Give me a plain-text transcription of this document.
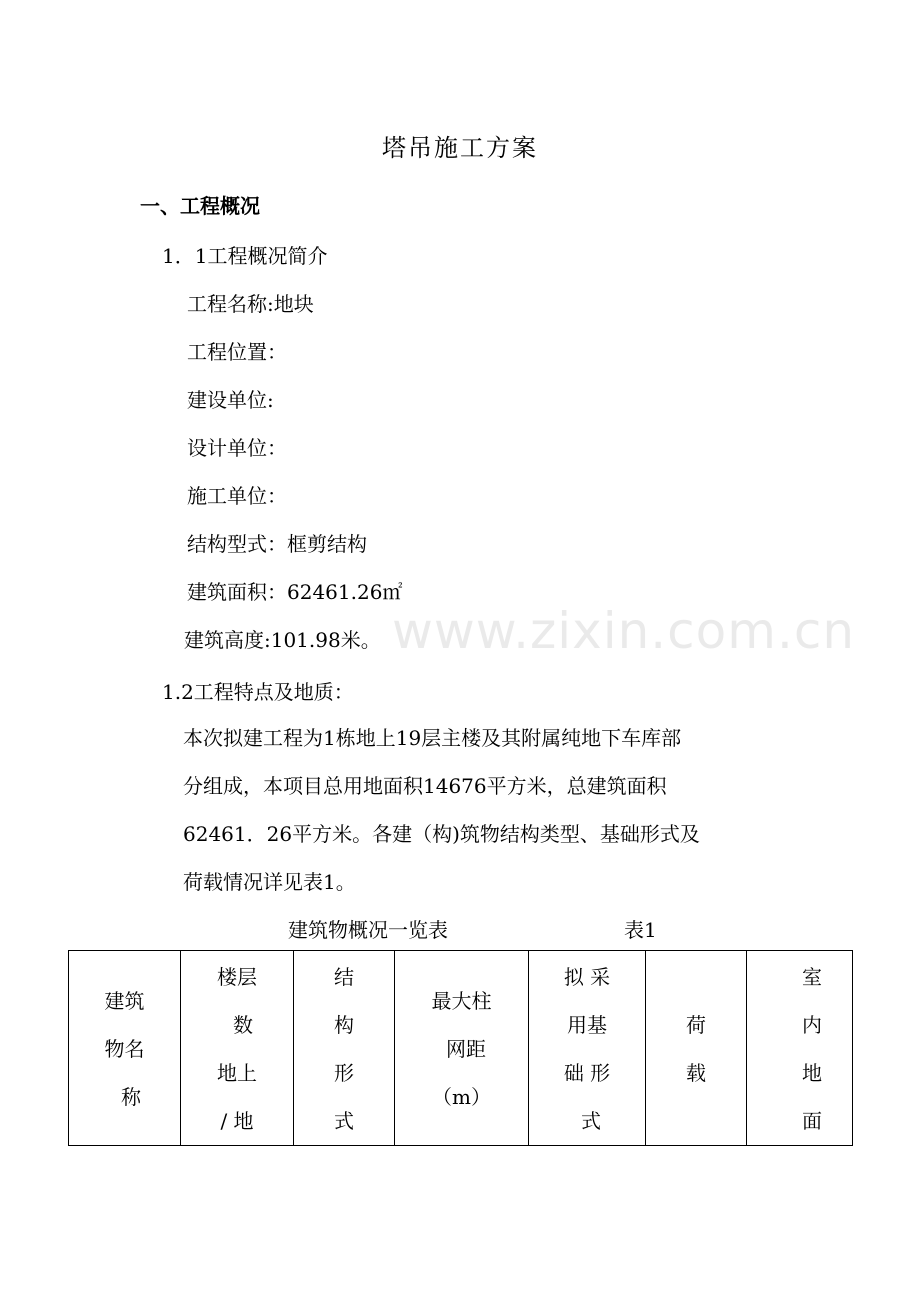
塔吊施工方案
一、工程概况
1．1工程概况简介
工程名称:地块
工程位置：
建设单位:
设计单位：
施工单位：
结构型式：框剪结构
建筑面积：62461.26㎡
建筑高度:101.98米。 www.zixin.com.cn
1.2工程特点及地质：
本次拟建工程为1栋地上19层主楼及其附属纯地下车库部
分组成，本项目总用地面积14676平方米，总建筑面积
62461．26平方米。各建（构)筑物结构类型、基础形式及
荷载情况详见表1。
建筑物概况一览表	表1
建筑
物名
称

楼层
数
地上
/ 地

结
构
形
式

最大柱
网距
（m）

拟 采
用基
础 形
式

荷
载

室
内
地
面
